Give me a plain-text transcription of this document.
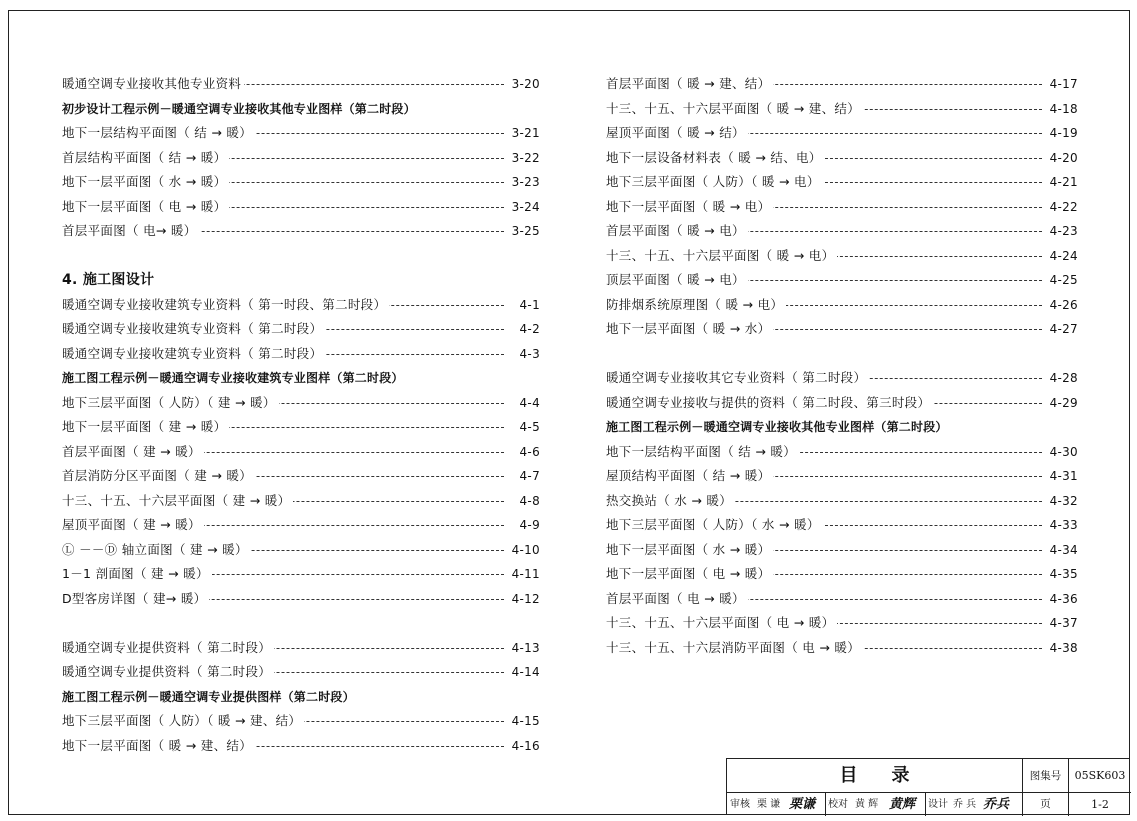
暖通空调专业接收其他专业资料	3-20
初步设计工程示例－暖通空调专业接收其他专业图样（第二时段）
地下一层结构平面图（ 结 → 暖）	3-21
首层结构平面图（ 结 → 暖）	3-22
地下一层平面图（ 水 → 暖）	3-23
地下一层平面图（ 电 → 暖）	3-24
首层平面图（ 电→ 暖）	3-25
4. 施工图设计
暖通空调专业接收建筑专业资料（ 第一时段、第二时段）	4-1
暖通空调专业接收建筑专业资料（ 第二时段）	4-2
暖通空调专业接收建筑专业资料（ 第二时段）	4-3
施工图工程示例－暖通空调专业接收建筑专业图样（第二时段）
地下三层平面图（ 人防）（ 建 → 暖）	4-4
地下一层平面图（ 建 → 暖）	4-5
首层平面图（ 建 → 暖）	4-6
首层消防分区平面图（ 建 → 暖）	4-7
十三、十五、十六层平面图（ 建 → 暖）	4-8
屋顶平面图（ 建 → 暖）	4-9
Ⓛ －－Ⓓ 轴立面图（ 建 → 暖）	4-10
1－1 剖面图（ 建 → 暖）	4-11
D型客房详图（ 建→ 暖）	4-12
暖通空调专业提供资料（ 第二时段）	4-13
暖通空调专业提供资料（ 第二时段）	4-14
施工图工程示例－暖通空调专业提供图样（第二时段）
地下三层平面图（ 人防）（ 暖 → 建、结）	4-15
地下一层平面图（ 暖 → 建、结）	4-16
首层平面图（ 暖 → 建、结）	4-17
十三、十五、十六层平面图（ 暖 → 建、结）	4-18
屋顶平面图（ 暖 → 结）	4-19
地下一层设备材料表（ 暖 → 结、电）	4-20
地下三层平面图（ 人防）（ 暖 → 电）	4-21
地下一层平面图（ 暖 → 电）	4-22
首层平面图（ 暖 → 电）	4-23
十三、十五、十六层平面图（ 暖 → 电）	4-24
顶层平面图（ 暖 → 电）	4-25
防排烟系统原理图（ 暖 → 电）	4-26
地下一层平面图（ 暖 → 水）	4-27
暖通空调专业接收其它专业资料（ 第二时段）	4-28
暖通空调专业接收与提供的资料（ 第二时段、第三时段）	4-29
施工图工程示例－暖通空调专业接收其他专业图样（第二时段）
地下一层结构平面图（ 结 → 暖）	4-30
屋顶结构平面图（ 结 → 暖）	4-31
热交换站（ 水 → 暖）	4-32
地下三层平面图（ 人防）（ 水 → 暖）	4-33
地下一层平面图（ 水 → 暖）	4-34
地下一层平面图（ 电 → 暖）	4-35
首层平面图（ 电 → 暖）	4-36
十三、十五、十六层平面图（ 电 → 暖）	4-37
十三、十五、十六层消防平面图（ 电 → 暖）	4-38
目录	图集号	05SK603
审核 栗 谦 栗谦 校对 黄 辉 黄辉 设计 乔 兵 乔兵	页	1-2
